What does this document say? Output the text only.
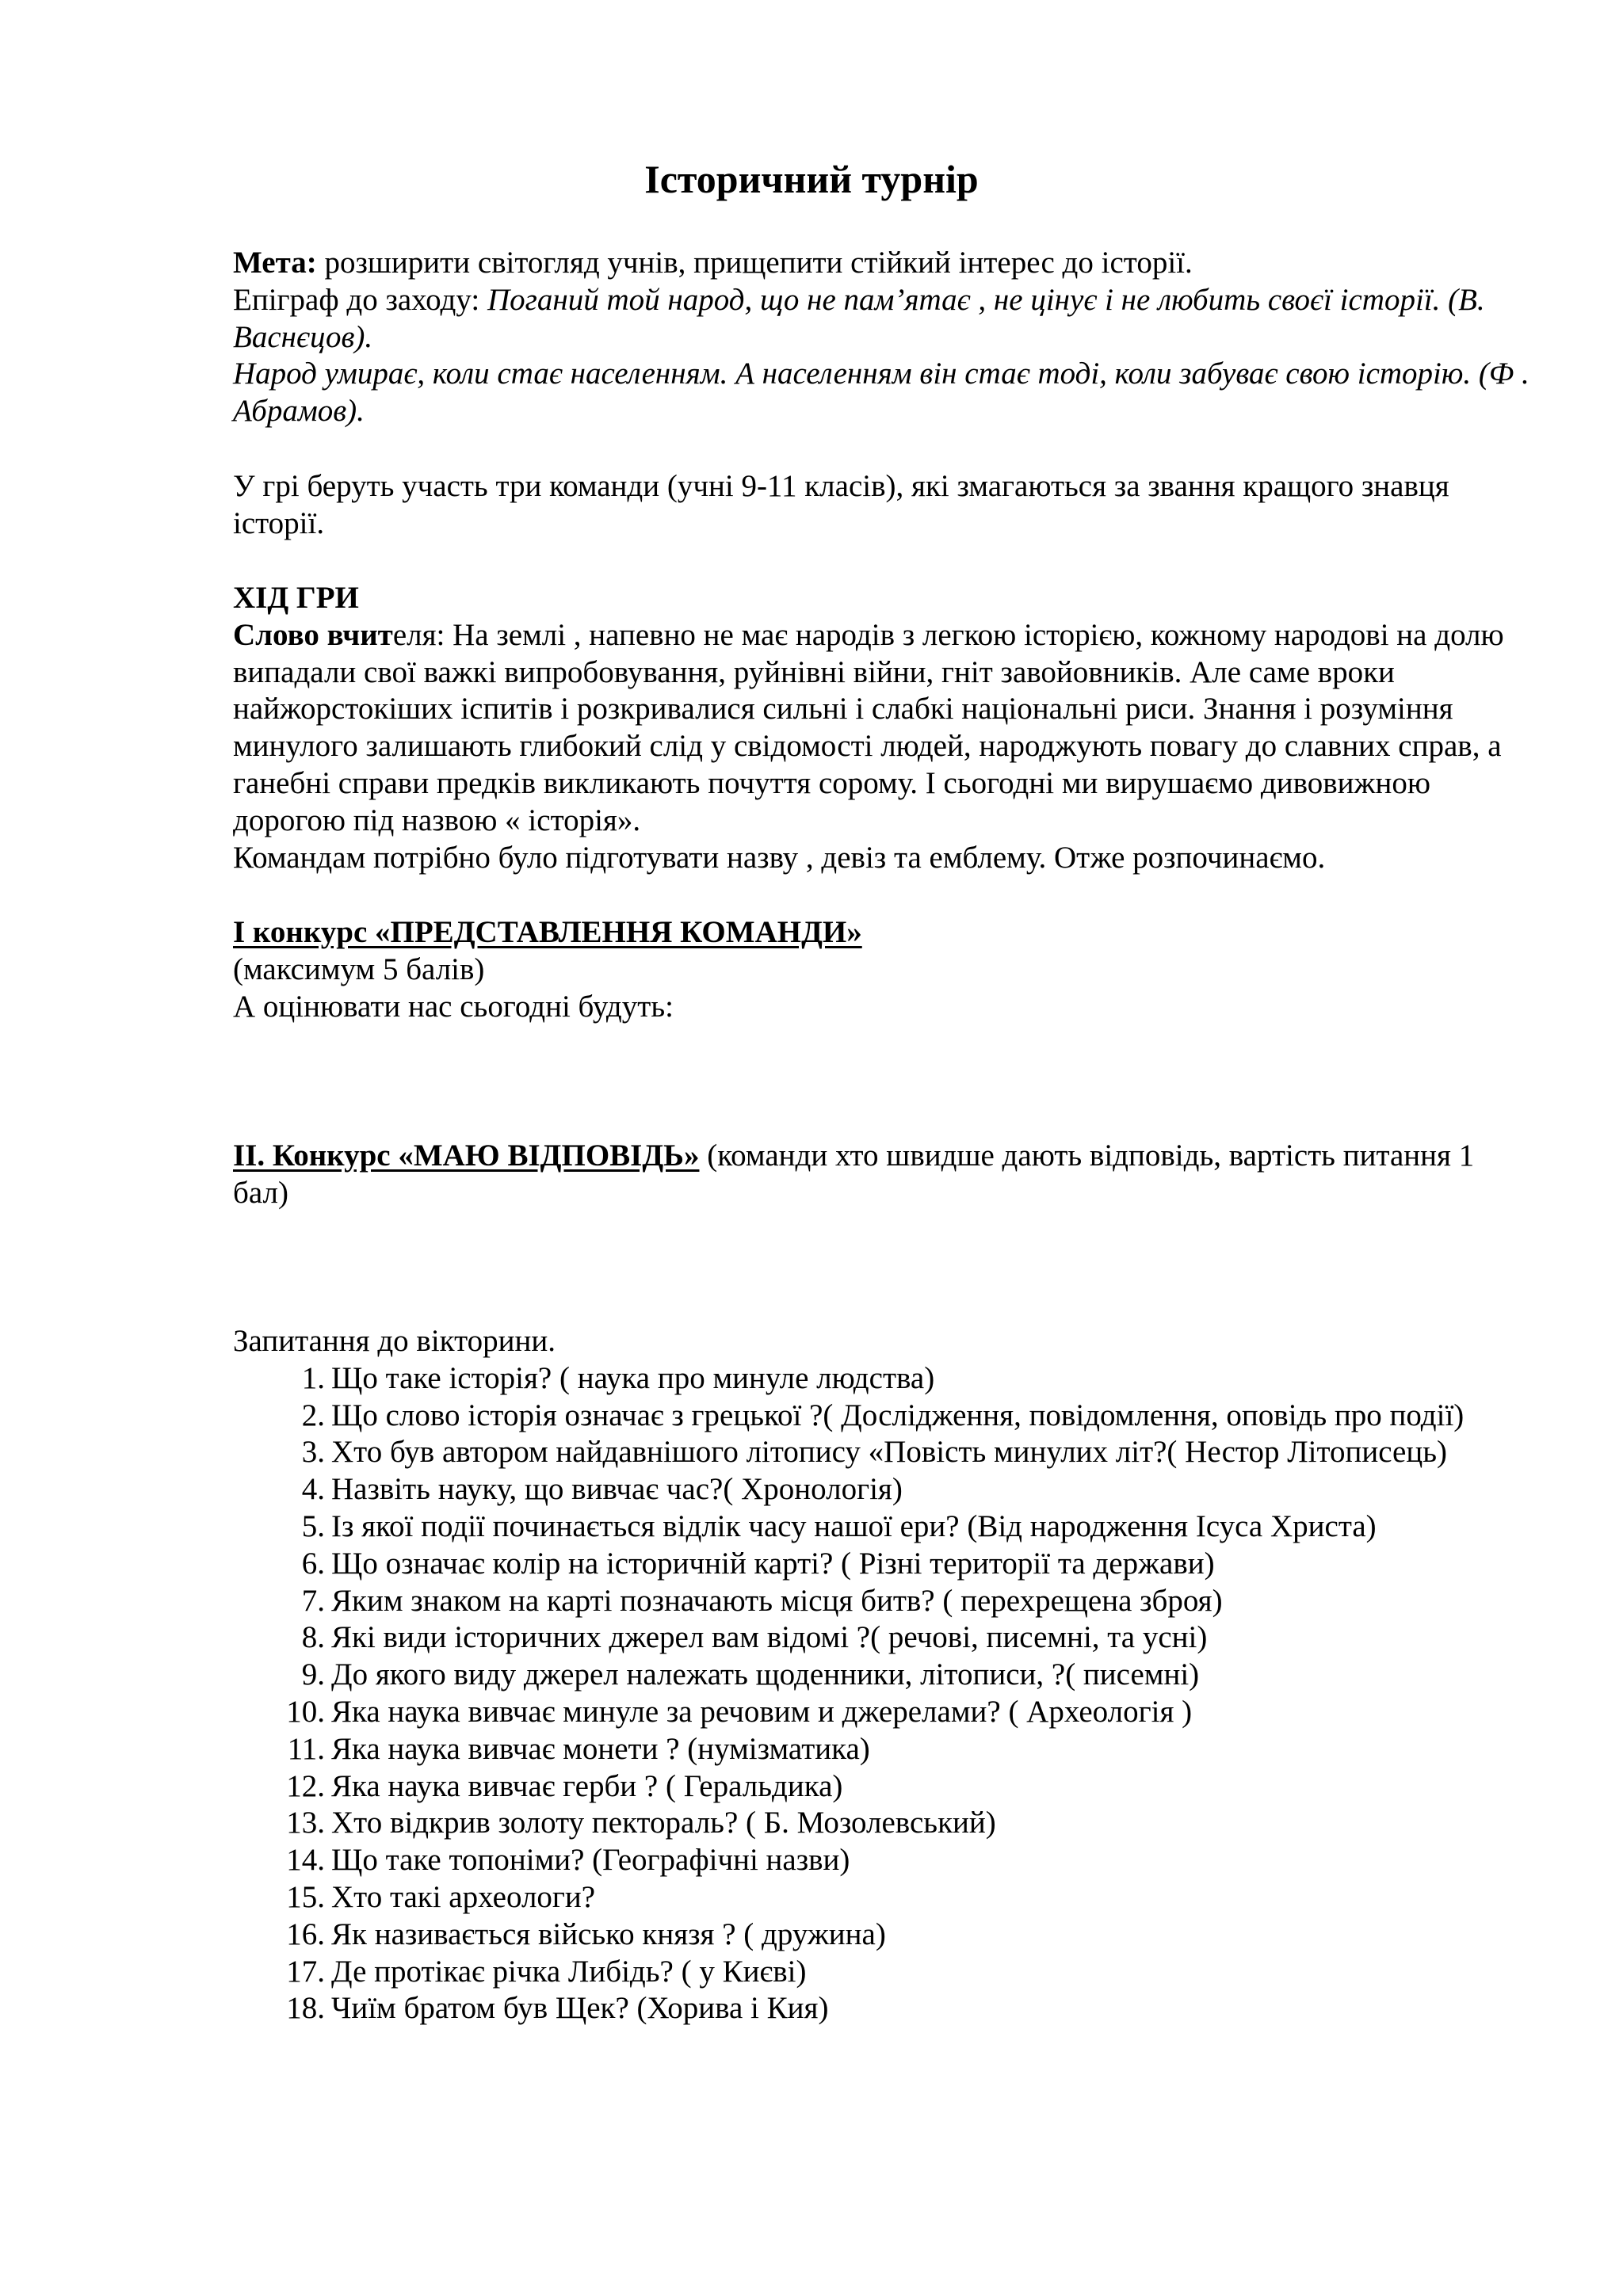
Історичний турнір

Мета: розширити світогляд учнів, прищепити стійкий інтерес до історії.

Епіграф до заходу: Поганий той народ, що не пам’ятає , не цінує і не любить своєї історії. (В. Васнєцов).

Народ умирає, коли стає населенням. А населенням він стає тоді, коли забуває свою історію. (Ф . Абрамов).

У грі беруть участь три команди (учні 9-11 класів), які змагаються за звання кращого знавця історії.

ХІД ГРИ

Слово вчителя: На землі , напевно не має народів з легкою історією, кожному народові на долю випадали свої важкі випробовування, руйнівні війни, гніт завойовників. Але саме вроки найжорстокіших іспитів і розкривалися сильні і слабкі національні риси. Знання і розуміння минулого залишають глибокий слід у свідомості людей, народжують повагу до славних справ, а ганебні справи предків викликають почуття сорому. І сьогодні ми вирушаємо дивовижною дорогою під назвою « історія».

Командам потрібно було підготувати назву , девіз та емблему. Отже розпочинаємо.

І конкурс «ПРЕДСТАВЛЕННЯ КОМАНДИ»

(максимум 5 балів)

А оцінювати нас сьогодні будуть:

ІІ. Конкурс «МАЮ ВІДПОВІДЬ» (команди хто швидше дають відповідь, вартість питання 1 бал)

Запитання до вікторини.

1. Що таке історія? ( наука про минуле людства)
2. Що слово історія означає з грецької ?( Дослідження, повідомлення, оповідь про події)
3. Хто був автором найдавнішого літопису «Повість минулих літ?( Нестор Літописець)
4. Назвіть науку, що вивчає час?( Хронологія)
5. Із якої події починається відлік часу нашої ери? (Від народження Ісуса Христа)
6. Що означає колір на історичній карті? ( Різні території та держави)
7. Яким знаком на карті позначають місця битв? ( перехрещена зброя)
8. Які види історичних джерел вам відомі ?( речові, писемні, та усні)
9. До якого виду джерел належать щоденники, літописи, ?( писемні)
10. Яка наука вивчає минуле за речовим и джерелами? ( Археологія )
11. Яка наука вивчає монети ? (нумізматика)
12. Яка наука вивчає герби ? ( Геральдика)
13. Хто відкрив золоту пектораль? ( Б. Мозолевський)
14. Що таке топоніми? (Географічні назви)
15. Хто такі археологи?
16. Як називається військо князя ? ( дружина)
17. Де протікає річка Либідь? ( у Києві)
18. Чиїм братом був Щек? (Хорива і Кия)
